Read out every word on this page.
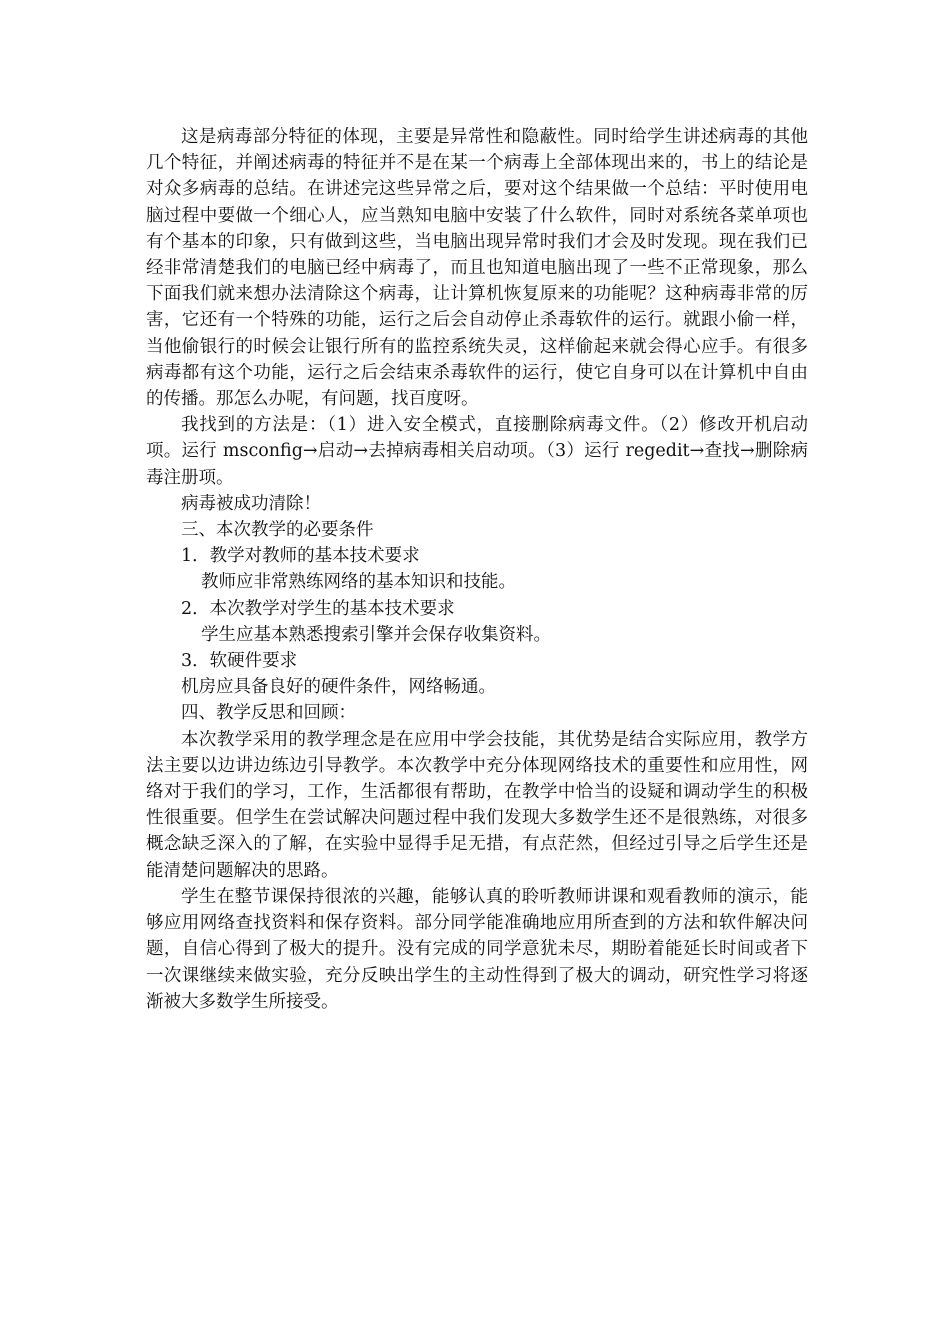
这是病毒部分特征的体现，主要是异常性和隐蔽性。同时给学生讲述病毒的其他几个特征，并阐述病毒的特征并不是在某一个病毒上全部体现出来的，书上的结论是对众多病毒的总结。在讲述完这些异常之后，要对这个结果做一个总结：平时使用电脑过程中要做一个细心人，应当熟知电脑中安装了什么软件，同时对系统各菜单项也有个基本的印象，只有做到这些，当电脑出现异常时我们才会及时发现。现在我们已经非常清楚我们的电脑已经中病毒了，而且也知道电脑出现了一些不正常现象，那么下面我们就来想办法清除这个病毒，让计算机恢复原来的功能呢？这种病毒非常的厉害，它还有一个特殊的功能，运行之后会自动停止杀毒软件的运行。就跟小偷一样，当他偷银行的时候会让银行所有的监控系统失灵，这样偷起来就会得心应手。有很多病毒都有这个功能，运行之后会结束杀毒软件的运行，使它自身可以在计算机中自由的传播。那怎么办呢，有问题，找百度呀。

我找到的方法是：（1）进入安全模式，直接删除病毒文件。（2）修改开机启动项。运行 msconfig→启动→去掉病毒相关启动项。（3）运行 regedit→查找→删除病毒注册项。

病毒被成功清除！

三、本次教学的必要条件

1．教学对教师的基本技术要求

教师应非常熟练网络的基本知识和技能。

2．本次教学对学生的基本技术要求

学生应基本熟悉搜索引擎并会保存收集资料。

3．软硬件要求

机房应具备良好的硬件条件，网络畅通。

四、教学反思和回顾：

本次教学采用的教学理念是在应用中学会技能，其优势是结合实际应用，教学方法主要以边讲边练边引导教学。本次教学中充分体现网络技术的重要性和应用性，网络对于我们的学习，工作，生活都很有帮助，在教学中恰当的设疑和调动学生的积极性很重要。但学生在尝试解决问题过程中我们发现大多数学生还不是很熟练，对很多概念缺乏深入的了解，在实验中显得手足无措，有点茫然，但经过引导之后学生还是能清楚问题解决的思路。

学生在整节课保持很浓的兴趣，能够认真的聆听教师讲课和观看教师的演示，能够应用网络查找资料和保存资料。部分同学能准确地应用所查到的方法和软件解决问题，自信心得到了极大的提升。没有完成的同学意犹未尽，期盼着能延长时间或者下一次课继续来做实验，充分反映出学生的主动性得到了极大的调动，研究性学习将逐渐被大多数学生所接受。
